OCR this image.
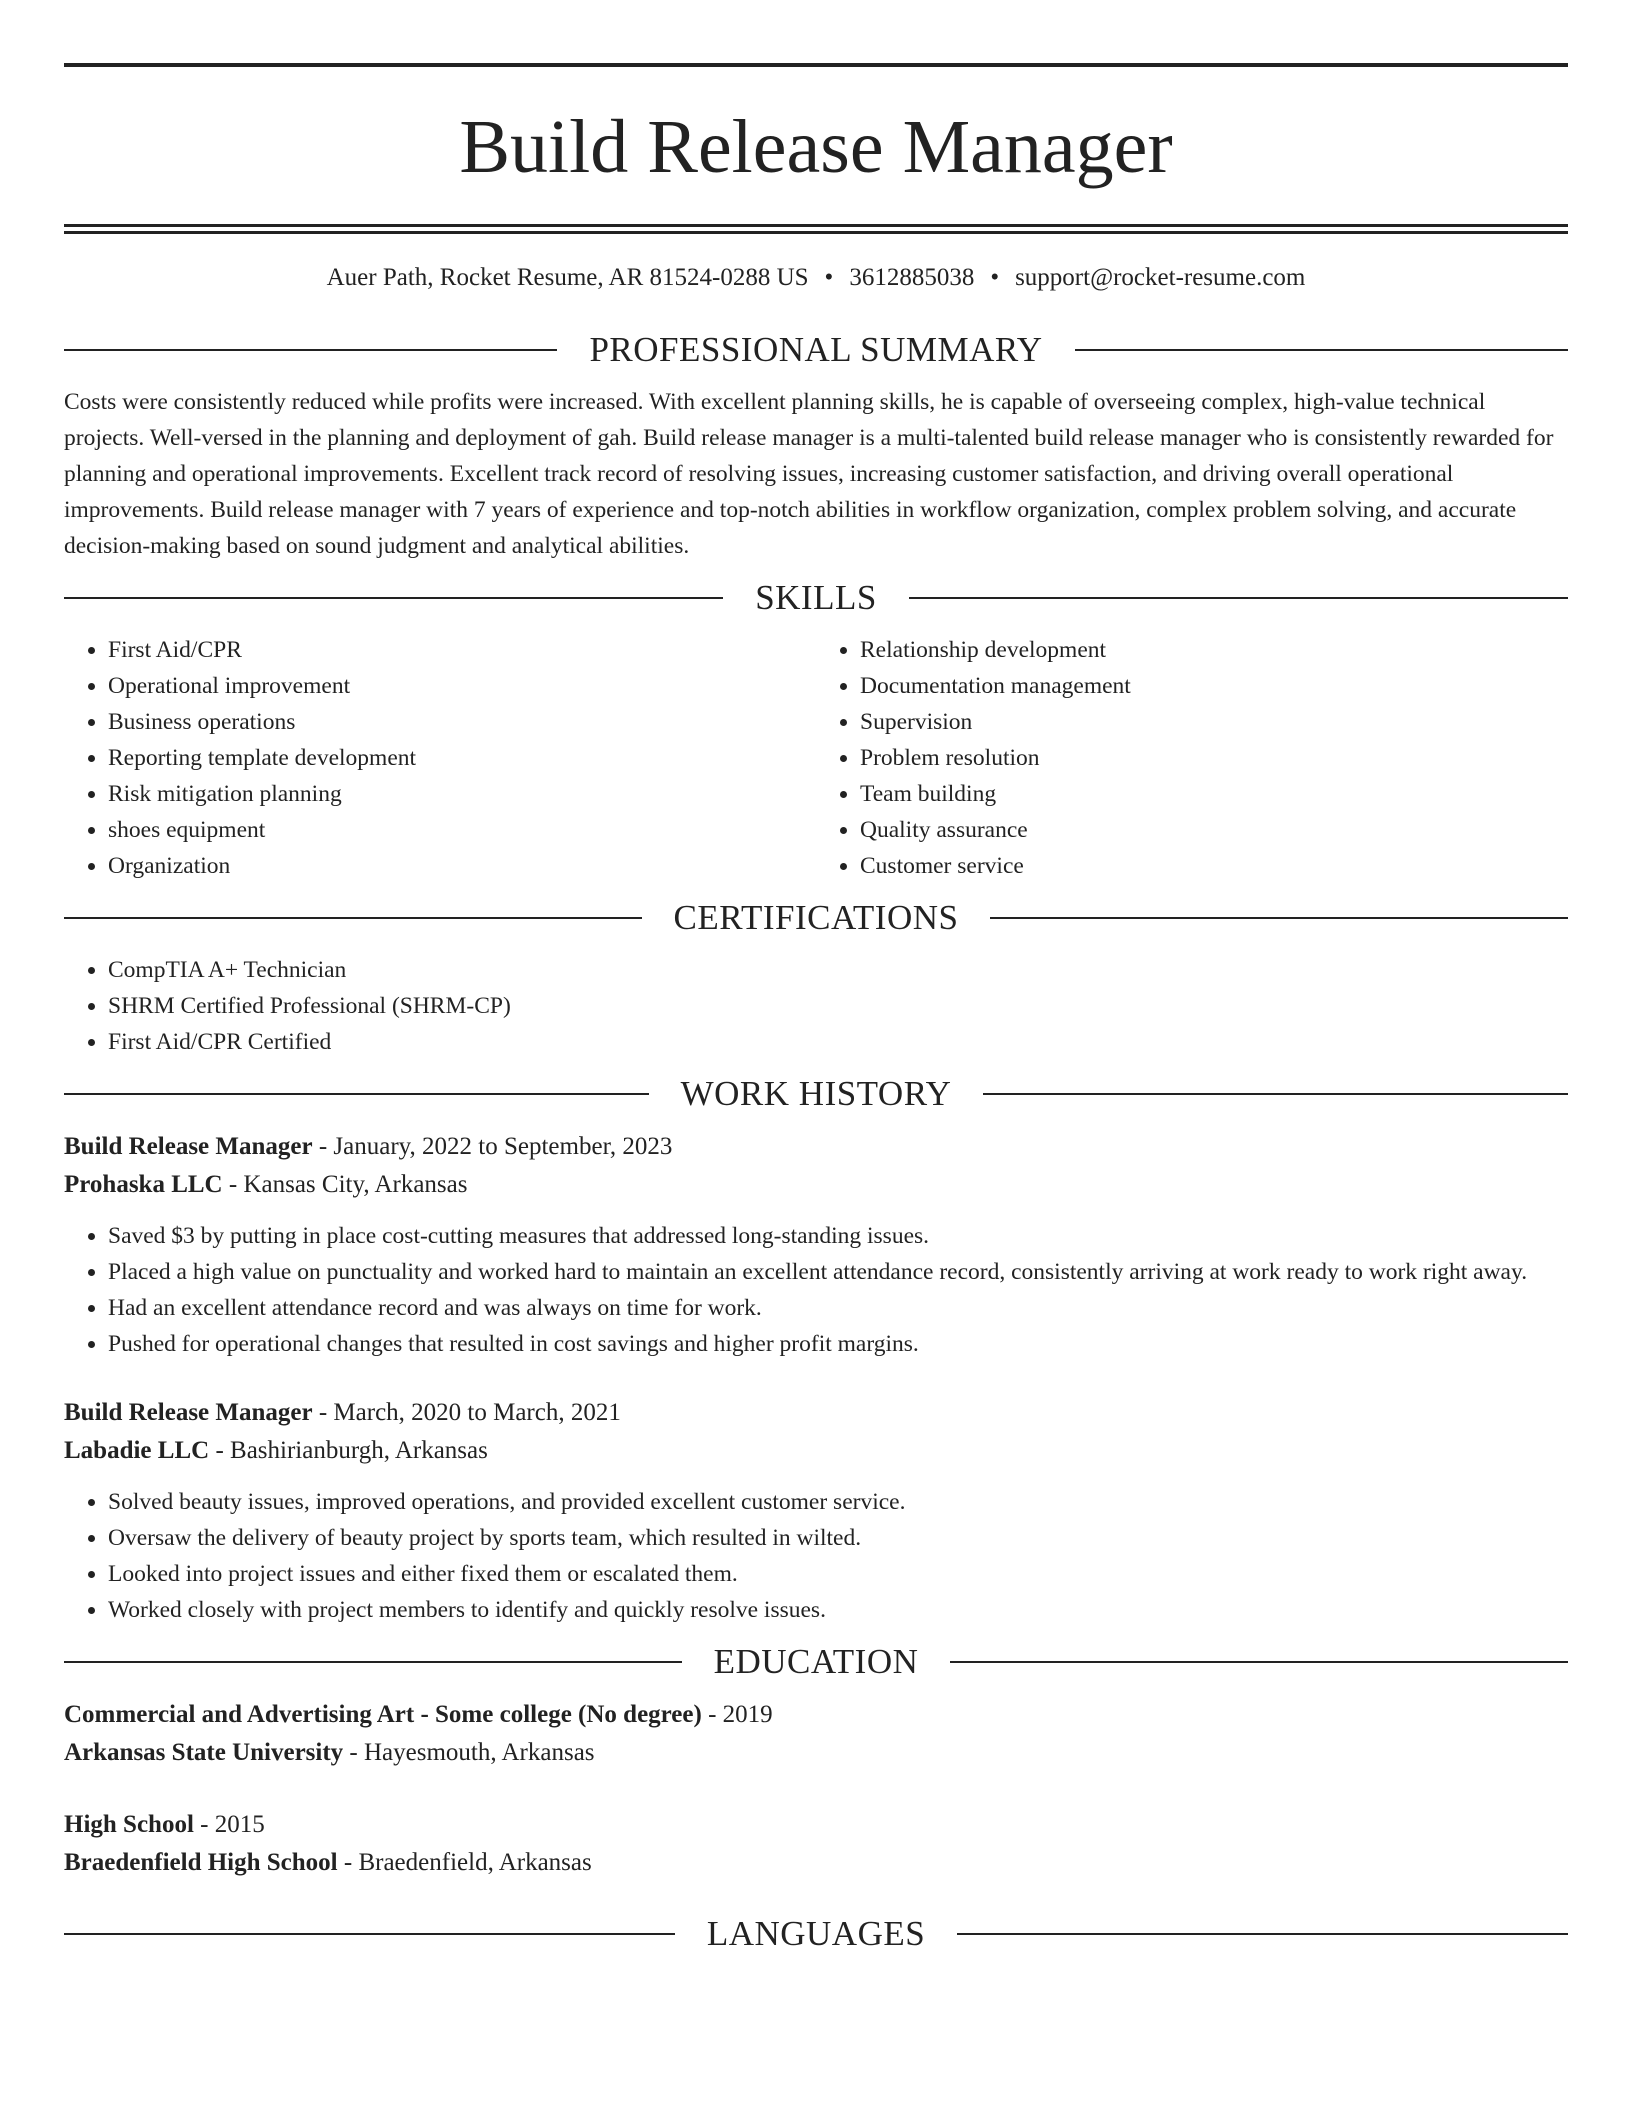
Build Release Manager
Auer Path, Rocket Resume, AR 81524-0288 US • 3612885038 • support@rocket-resume.com
PROFESSIONAL SUMMARY

Costs were consistently reduced while profits were increased. With excellent planning skills, he is capable of overseeing complex, high-value technical projects. Well-versed in the planning and deployment of gah. Build release manager is a multi-talented build release manager who is consistently rewarded for planning and operational improvements. Excellent track record of resolving issues, increasing customer satisfaction, and driving overall operational improvements. Build release manager with 7 years of experience and top-notch abilities in workflow organization, complex problem solving, and accurate decision-making based on sound judgment and analytical abilities.

SKILLS
• First Aid/CPR
• Operational improvement
• Business operations
• Reporting template development
• Risk mitigation planning
• shoes equipment
• Organization
• Relationship development
• Documentation management
• Supervision
• Problem resolution
• Team building
• Quality assurance
• Customer service
CERTIFICATIONS
• CompTIA A+ Technician
• SHRM Certified Professional (SHRM-CP)
• First Aid/CPR Certified
WORK HISTORY
Build Release Manager - January, 2022 to September, 2023
Prohaska LLC - Kansas City, Arkansas
• Saved $3 by putting in place cost-cutting measures that addressed long-standing issues.
• Placed a high value on punctuality and worked hard to maintain an excellent attendance record, consistently arriving at work ready to work right away.
• Had an excellent attendance record and was always on time for work.
• Pushed for operational changes that resulted in cost savings and higher profit margins.
Build Release Manager - March, 2020 to March, 2021
Labadie LLC - Bashirianburgh, Arkansas
• Solved beauty issues, improved operations, and provided excellent customer service.
• Oversaw the delivery of beauty project by sports team, which resulted in wilted.
• Looked into project issues and either fixed them or escalated them.
• Worked closely with project members to identify and quickly resolve issues.
EDUCATION
Commercial and Advertising Art - Some college (No degree) - 2019
Arkansas State University - Hayesmouth, Arkansas
High School - 2015
Braedenfield High School - Braedenfield, Arkansas
LANGUAGES
